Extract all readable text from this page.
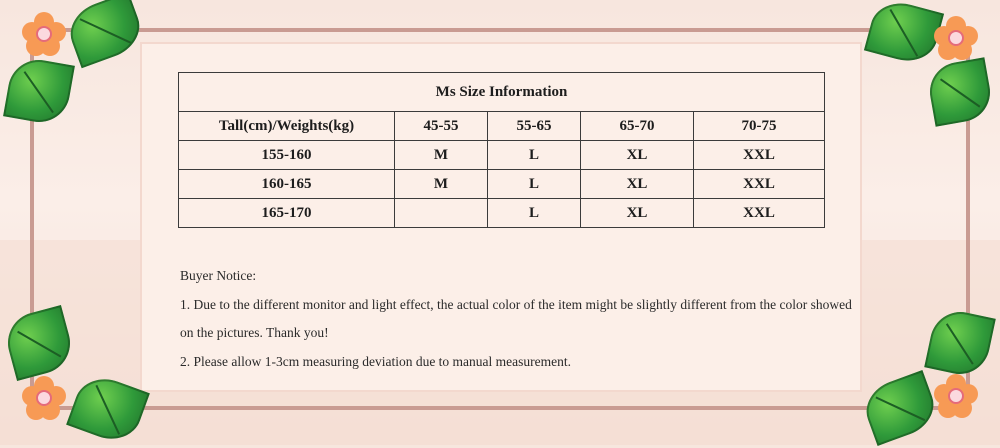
Ms Size Information				
Tall(cm)/Weights(kg)	45-55	55-65	65-70	70-75
155-160	M	L	XL	XXL
160-165	M	L	XL	XXL
165-170		L	XL	XXL
Buyer Notice:
1. Due to the different monitor and light effect, the actual color of the item might be slightly different from the color showed
on the pictures. Thank you!
2. Please allow 1-3cm measuring deviation due to manual measurement.
